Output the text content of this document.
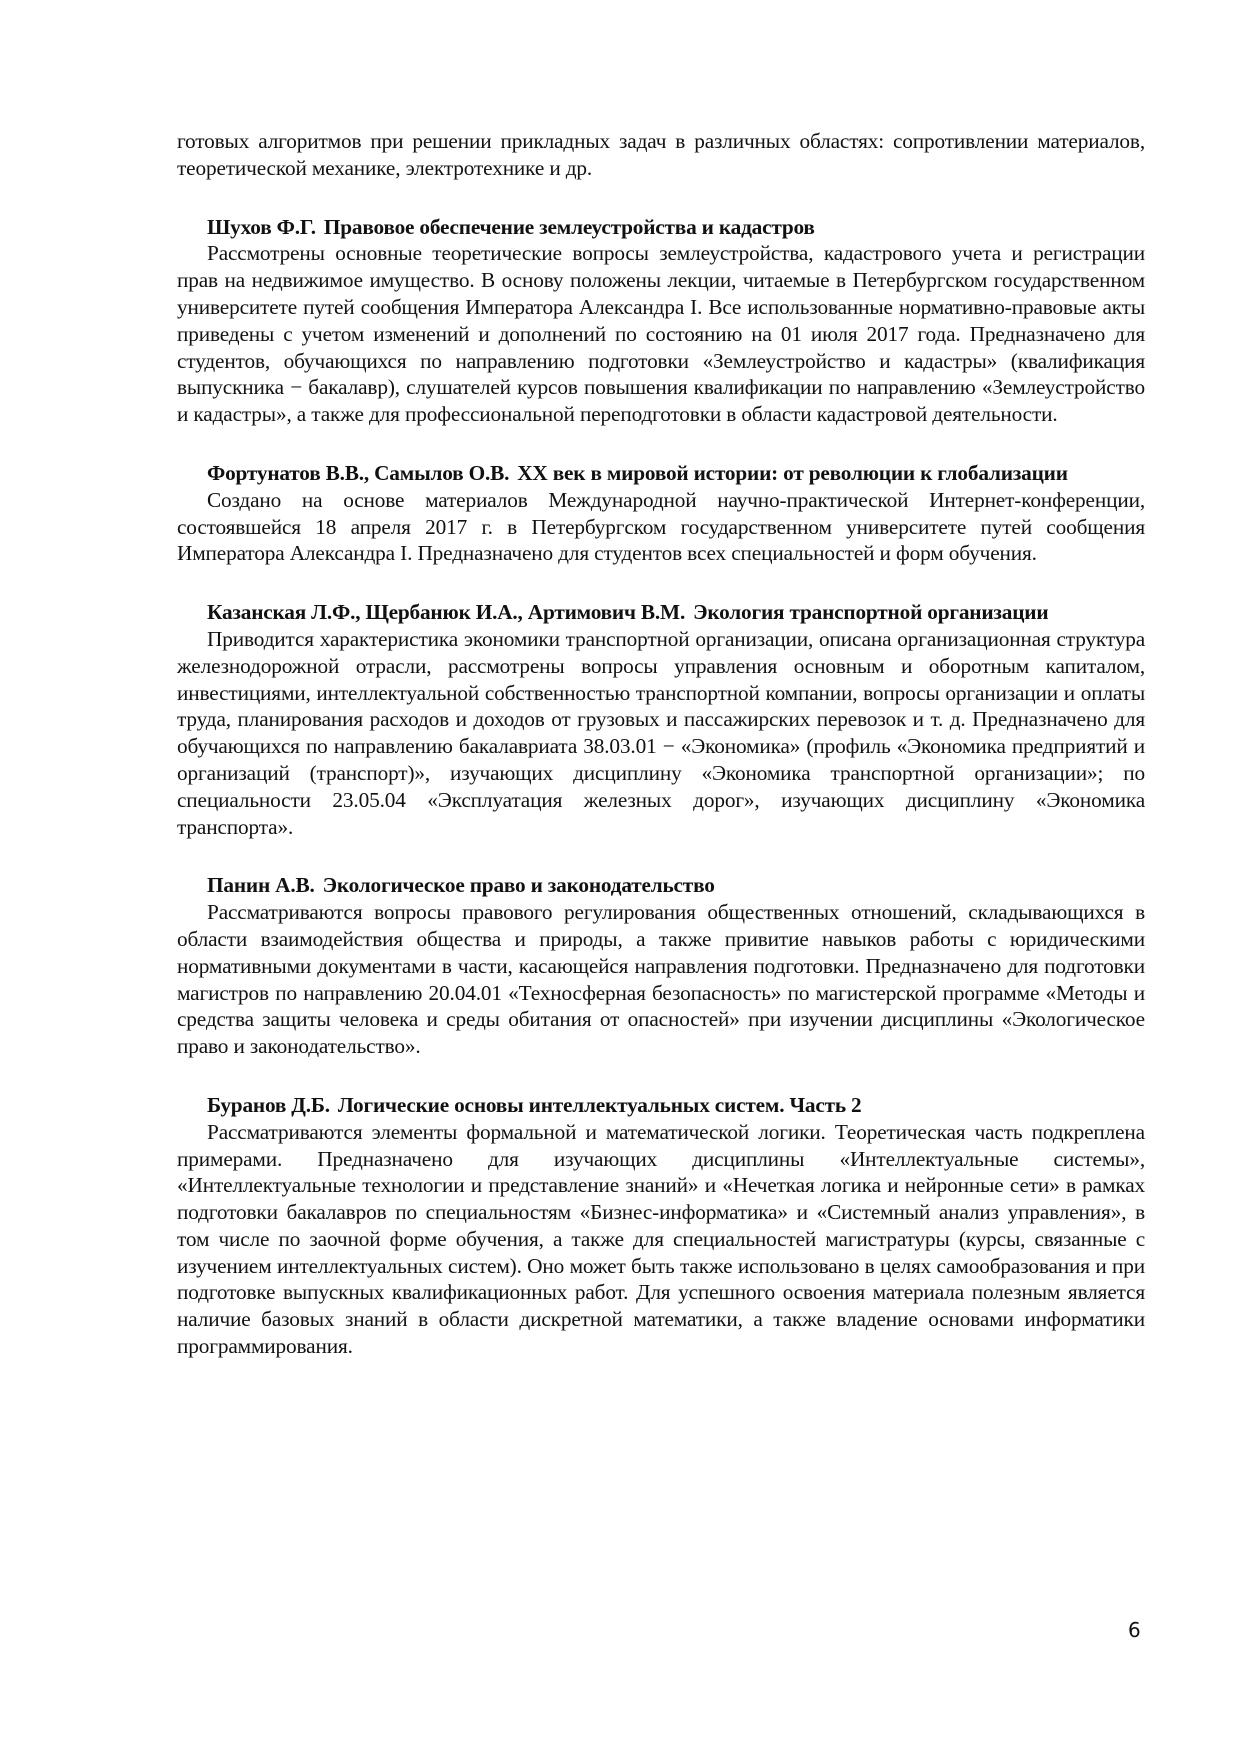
готовых алгоритмов при решении прикладных задач в различных областях: сопротивлении материалов, теоретической механике, электротехнике и др.

Шухов Ф.Г. Правовое обеспечение землеустройства и кадастров

Рассмотрены основные теоретические вопросы землеустройства, кадастрового учета и регистрации прав на недвижимое имущество. В основу положены лекции, читаемые в Петербургском государственном университете путей сообщения Императора Александра I. Все использованные нормативно-правовые акты приведены с учетом изменений и дополнений по состоянию на 01 июля 2017 года. Предназначено для студентов, обучающихся по направлению подготовки «Землеустройство и кадастры» (квалификация выпускника − бакалавр), слушателей курсов повышения квалификации по направлению «Землеустройство и кадастры», а также для профессиональной переподготовки в области кадастровой деятельности.

Фортунатов В.В., Самылов О.В. XX век в мировой истории: от революции к глобализации

Создано на основе материалов Международной научно-практической Интернет-конференции, состоявшейся 18 апреля 2017 г. в Петербургском государственном университете путей сообщения Императора Александра I. Предназначено для студентов всех специальностей и форм обучения.

Казанская Л.Ф., Щербанюк И.А., Артимович В.М. Экология транспортной организации

Приводится характеристика экономики транспортной организации, описана организационная структура железнодорожной отрасли, рассмотрены вопросы управления основным и оборотным капиталом, инвестициями, интеллектуальной собственностью транспортной компании, вопросы организации и оплаты труда, планирования расходов и доходов от грузовых и пассажирских перевозок и т. д. Предназначено для обучающихся по направлению бакалавриата 38.03.01 − «Экономика» (профиль «Экономика предприятий и организаций (транспорт)», изучающих дисциплину «Экономика транспортной организации»; по специальности 23.05.04 «Эксплуатация железных дорог», изучающих дисциплину «Экономика транспорта».

Панин А.В. Экологическое право и законодательство

Рассматриваются вопросы правового регулирования общественных отношений, складывающихся в области взаимодействия общества и природы, а также привитие навыков работы с юридическими нормативными документами в части, касающейся направления подготовки. Предназначено для подготовки магистров по направлению 20.04.01 «Техносферная безопасность» по магистерской программе «Методы и средства защиты человека и среды обитания от опасностей» при изучении дисциплины «Экологическое право и законодательство».

Буранов Д.Б. Логические основы интеллектуальных систем. Часть 2

Рассматриваются элементы формальной и математической логики. Теоретическая часть подкреплена примерами. Предназначено для изучающих дисциплины «Интеллектуальные системы», «Интеллектуальные технологии и представление знаний» и «Нечеткая логика и нейронные сети» в рамках подготовки бакалавров по специальностям «Бизнес-информатика» и «Системный анализ управления», в том числе по заочной форме обучения, а также для специальностей магистратуры (курсы, связанные с изучением интеллектуальных систем). Оно может быть также использовано в целях самообразования и при подготовке выпускных квалификационных работ. Для успешного освоения материала полезным является наличие базовых знаний в области дискретной математики, а также владение основами информатики программирования.

6
